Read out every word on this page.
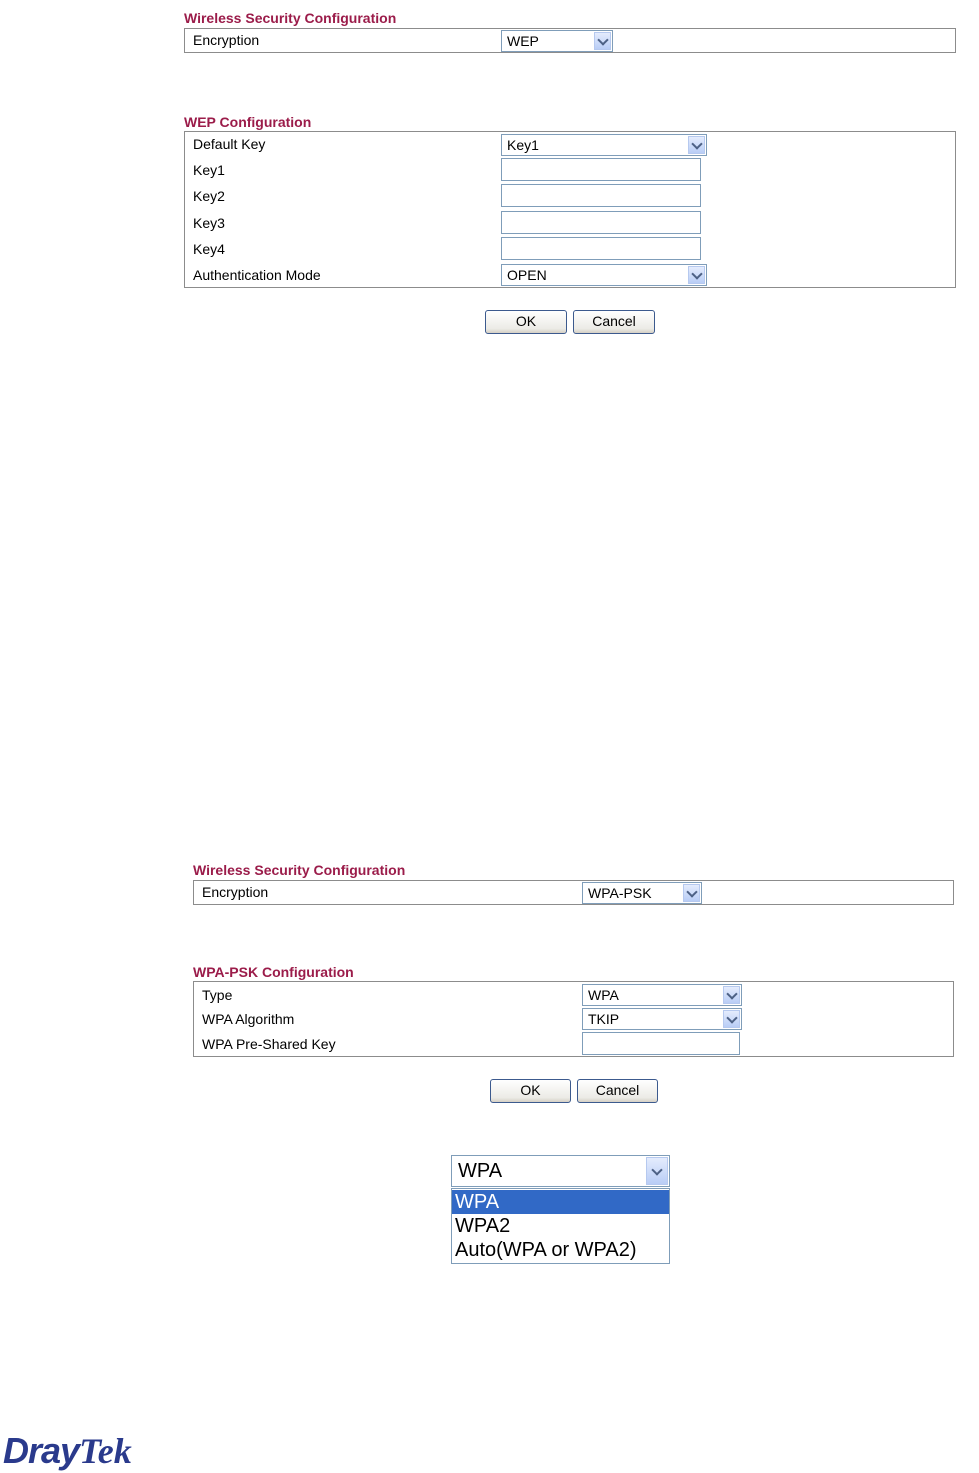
Wireless Security Configuration
Encryption	WEP
WEP Configuration
Default Key	Key1
Key1
Key2
Key3
Key4
Authentication Mode	OPEN
OK	Cancel
Wireless Security Configuration
Encryption	WPA-PSK
WPA-PSK Configuration
Type	WPA
WPA Algorithm	TKIP
WPA Pre-Shared Key
OK	Cancel
WPA
WPA
WPA2
Auto(WPA or WPA2)
DrayTek
